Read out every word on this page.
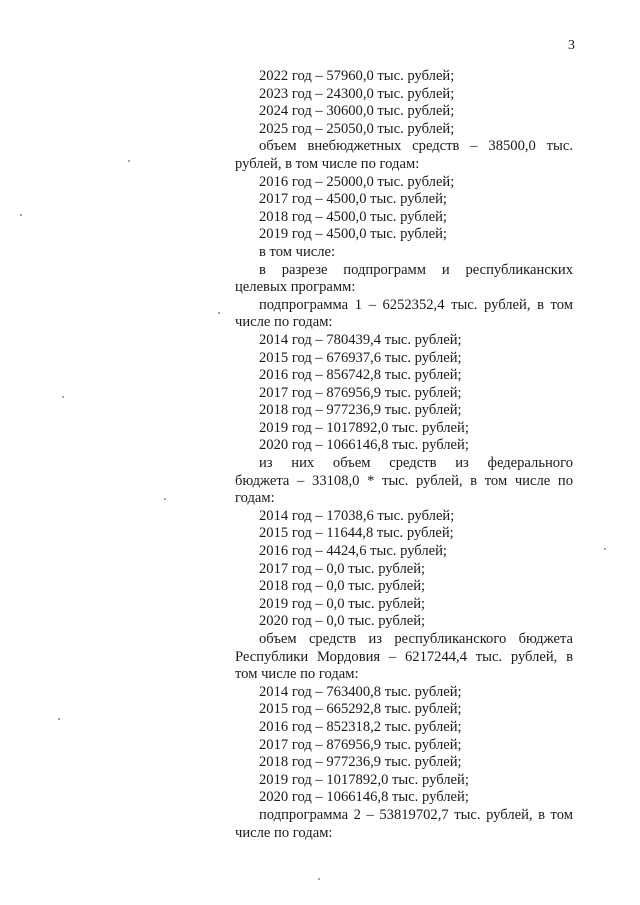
3
2022 год – 57960,0 тыс. рублей;
2023 год – 24300,0 тыс. рублей;
2024 год – 30600,0 тыс. рублей;
2025 год – 25050,0 тыс. рублей;
объем внебюджетных средств – 38500,0 тыс.
рублей, в том числе по годам:
2016 год – 25000,0 тыс. рублей;
2017 год – 4500,0 тыс. рублей;
2018 год – 4500,0 тыс. рублей;
2019 год – 4500,0 тыс. рублей;
в том числе:
в разрезе подпрограмм и республиканских
целевых программ:
подпрограмма 1 – 6252352,4 тыс. рублей, в том
числе по годам:
2014 год – 780439,4 тыс. рублей;
2015 год – 676937,6 тыс. рублей;
2016 год – 856742,8 тыс. рублей;
2017 год – 876956,9 тыс. рублей;
2018 год – 977236,9 тыс. рублей;
2019 год – 1017892,0 тыс. рублей;
2020 год – 1066146,8 тыс. рублей;
из них объем средств из федерального
бюджета – 33108,0 * тыс. рублей, в том числе по
годам:
2014 год – 17038,6 тыс. рублей;
2015 год – 11644,8 тыс. рублей;
2016 год – 4424,6 тыс. рублей;
2017 год – 0,0 тыс. рублей;
2018 год – 0,0 тыс. рублей;
2019 год – 0,0 тыс. рублей;
2020 год – 0,0 тыс. рублей;
объем средств из республиканского бюджета
Республики Мордовия – 6217244,4 тыс. рублей, в
том числе по годам:
2014 год – 763400,8 тыс. рублей;
2015 год – 665292,8 тыс. рублей;
2016 год – 852318,2 тыс. рублей;
2017 год – 876956,9 тыс. рублей;
2018 год – 977236,9 тыс. рублей;
2019 год – 1017892,0 тыс. рублей;
2020 год – 1066146,8 тыс. рублей;
подпрограмма 2 – 53819702,7 тыс. рублей, в том
числе по годам:
